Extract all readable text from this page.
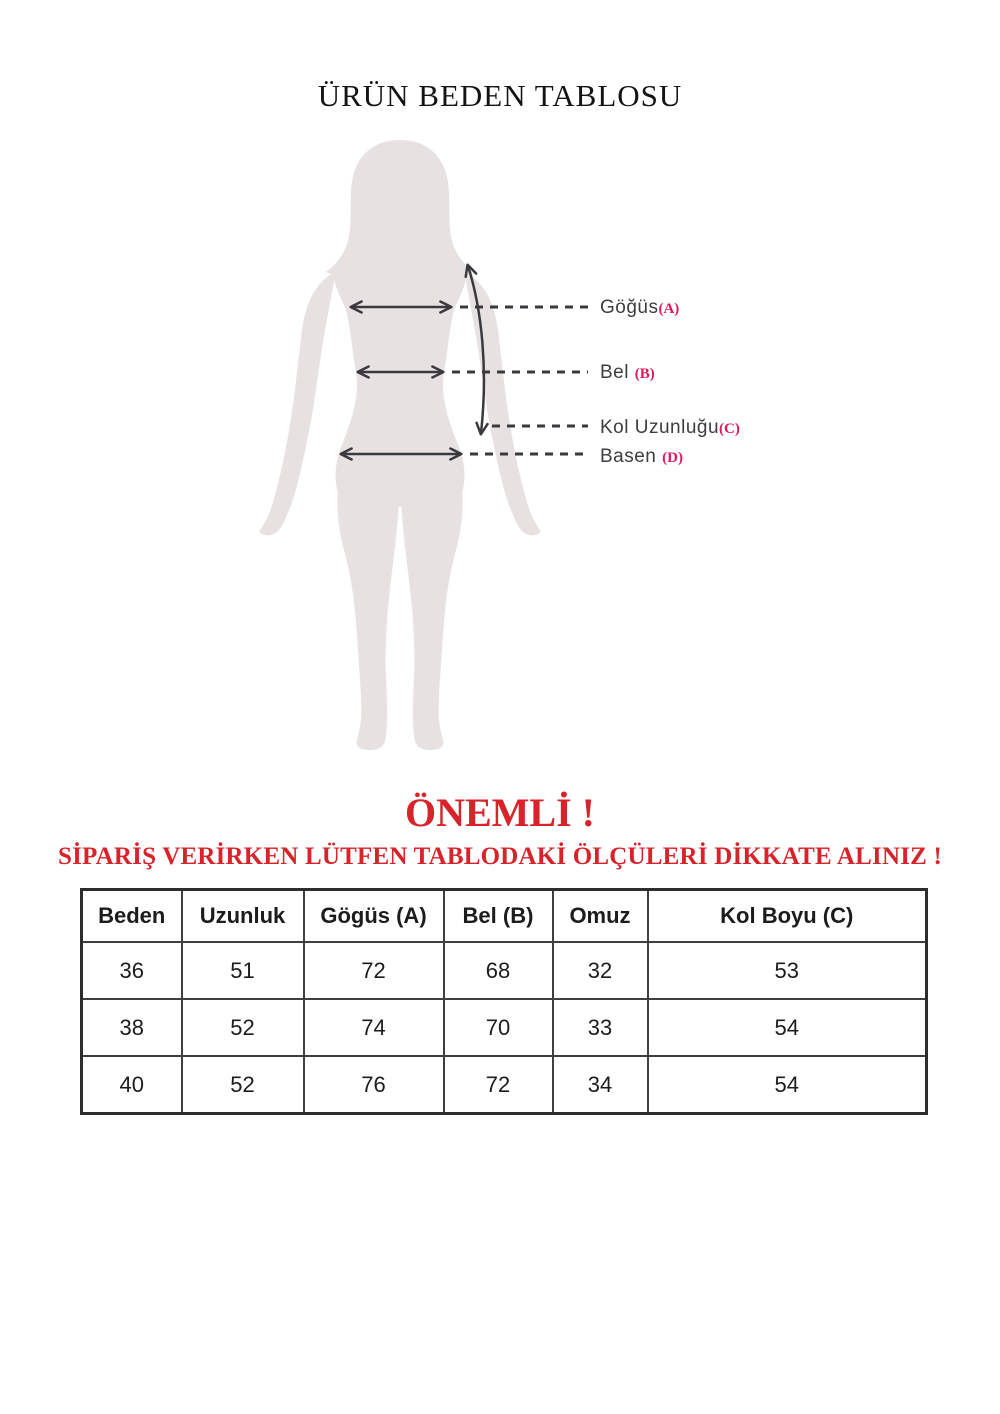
ÜRÜN BEDEN TABLOSU
Göğüs(A)
Bel (B)
Kol Uzunluğu(C)
Basen (D)
ÖNEMLİ !
SİPARİŞ VERİRKEN LÜTFEN TABLODAKİ ÖLÇÜLERİ DİKKATE ALINIZ !
Beden	Uzunluk	Gögüs (A)	Bel (B)	Omuz	Kol Boyu (C)
36	51	72	68	32	53
38	52	74	70	33	54
40	52	76	72	34	54
